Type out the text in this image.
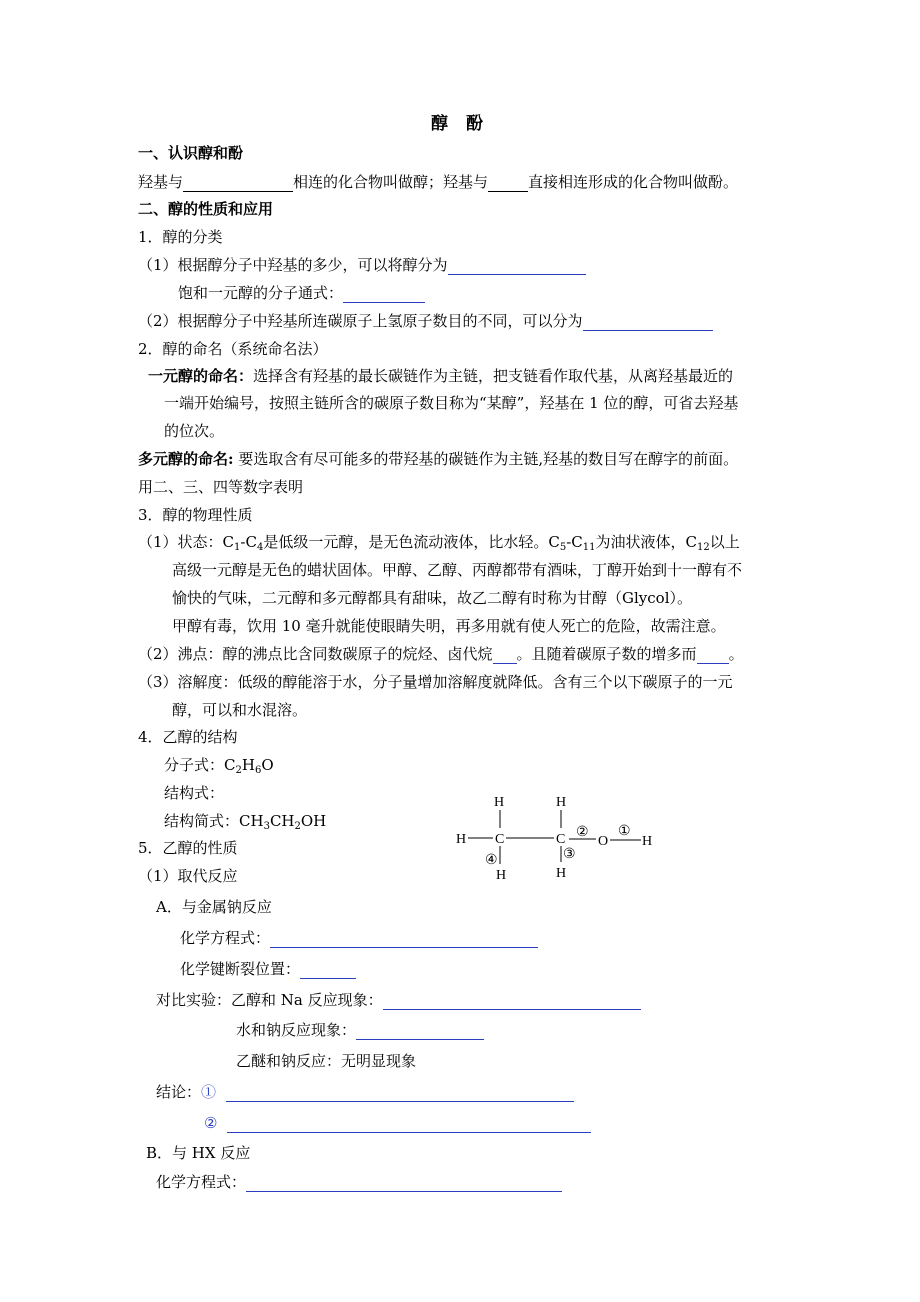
醇 酚
一、认识醇和酚
羟基与	相连的化合物叫做醇；羟基与	直接相连形成的化合物叫做酚。
二、醇的性质和应用
1．醇的分类
（1）根据醇分子中羟基的多少，可以将醇分为
饱和一元醇的分子通式：
（2）根据醇分子中羟基所连碳原子上氢原子数目的不同，可以分为
2．醇的命名（系统命名法）
一元醇的命名：选择含有羟基的最长碳链作为主链，把支链看作取代基，从离羟基最近的
一端开始编号，按照主链所含的碳原子数目称为“某醇”，羟基在 1 位的醇，可省去羟基
的位次。
多元醇的命名: 要选取含有尽可能多的带羟基的碳链作为主链,羟基的数目写在醇字的前面。
用二、三、四等数字表明
3．醇的物理性质
（1）状态：$C_1-C_4$是低级一元醇，是无色流动液体，比水轻。$C_5-C_{11}$为油状液体，$C_{12}$以上
高级一元醇是无色的蜡状固体。甲醇、乙醇、丙醇都带有酒味，丁醇开始到十一醇有不
愉快的气味，二元醇和多元醇都具有甜味，故乙二醇有时称为甘醇（Glycol）。
甲醇有毒，饮用 10 毫升就能使眼睛失明，再多用就有使人死亡的危险，故需注意。
（2）沸点：醇的沸点比含同数碳原子的烷烃、卤代烷 。且随着碳原子数的增多而 。
（3）溶解度：低级的醇能溶于水，分子量增加溶解度就降低。含有三个以下碳原子的一元
醇，可以和水混溶。
4．乙醇的结构
分子式：$C_2H_6O$
结构式：
结构简式：$CH_3CH_2OH$
H	H
H C	C O H
H	H
② ①
③
④
5．乙醇的性质
（1）取代反应
A．与金属钠反应
化学方程式：
化学键断裂位置：
对比实验：乙醇和 Na 反应现象：
水和钠反应现象：
乙醚和钠反应：无明显现象
结论：①
②
B．与 HX 反应
化学方程式：
